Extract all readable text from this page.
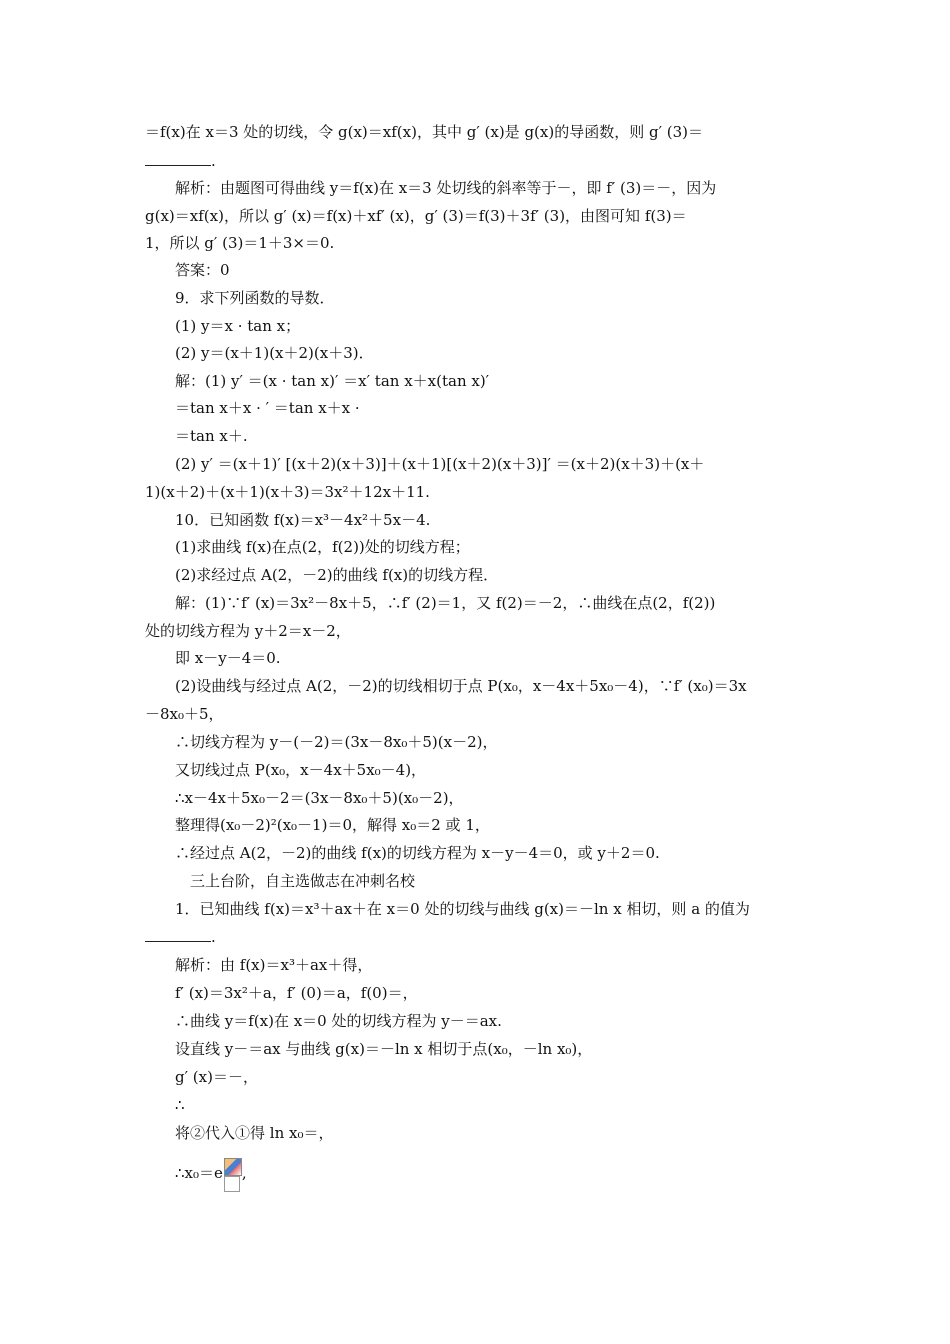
＝f(x)在 x＝3 处的切线，令 g(x)＝xf(x)，其中 g′ (x)是 g(x)的导函数，则 g′ (3)＝
.
解析：由题图可得曲线 y＝f(x)在 x＝3 处切线的斜率等于－，即 f′ (3)＝－，因为
g(x)＝xf(x)，所以 g′ (x)＝f(x)＋xf′ (x)，g′ (3)＝f(3)＋3f′ (3)，由图可知 f(3)＝
1，所以 g′ (3)＝1＋3×＝0.
答案：0
9．求下列函数的导数．
(1) y＝x · tan x；
(2) y＝(x＋1)(x＋2)(x＋3)．
解：(1) y′ ＝(x · tan x)′ ＝x′ tan x＋x(tan x)′
＝tan x＋x · ′ ＝tan x＋x ·
＝tan x＋.
(2) y′ ＝(x＋1)′ [(x＋2)(x＋3)]＋(x＋1)[(x＋2)(x＋3)]′ ＝(x＋2)(x＋3)＋(x＋
1)(x＋2)＋(x＋1)(x＋3)＝3x²＋12x＋11.
10．已知函数 f(x)＝x³－4x²＋5x－4.
(1)求曲线 f(x)在点(2，f(2))处的切线方程；
(2)求经过点 A(2，－2)的曲线 f(x)的切线方程．
解：(1)∵f′ (x)＝3x²－8x＋5，∴f′ (2)＝1，又 f(2)＝－2，∴曲线在点(2，f(2))
处的切线方程为 y＋2＝x－2，
即 x－y－4＝0.
(2)设曲线与经过点 A(2，－2)的切线相切于点 P(x₀，x－4x＋5x₀－4)，∵f′ (x₀)＝3x
－8x₀＋5，
∴切线方程为 y－(－2)＝(3x－8x₀＋5)(x－2)，
又切线过点 P(x₀，x－4x＋5x₀－4)，
∴x－4x＋5x₀－2＝(3x－8x₀＋5)(x₀－2)，
整理得(x₀－2)²(x₀－1)＝0，解得 x₀＝2 或 1，
∴经过点 A(2，－2)的曲线 f(x)的切线方程为 x－y－4＝0，或 y＋2＝0.
三上台阶，自主选做志在冲刺名校
1．已知曲线 f(x)＝x³＋ax＋在 x＝0 处的切线与曲线 g(x)＝－ln x 相切，则 a 的值为
.
解析：由 f(x)＝x³＋ax＋得，
f′ (x)＝3x²＋a，f′ (0)＝a，f(0)＝，
∴曲线 y＝f(x)在 x＝0 处的切线方程为 y－＝ax.
设直线 y－＝ax 与曲线 g(x)＝－ln x 相切于点(x₀，－ln x₀)，
g′ (x)＝－，
∴
将②代入①得 ln x₀＝，
∴x₀＝e ,
